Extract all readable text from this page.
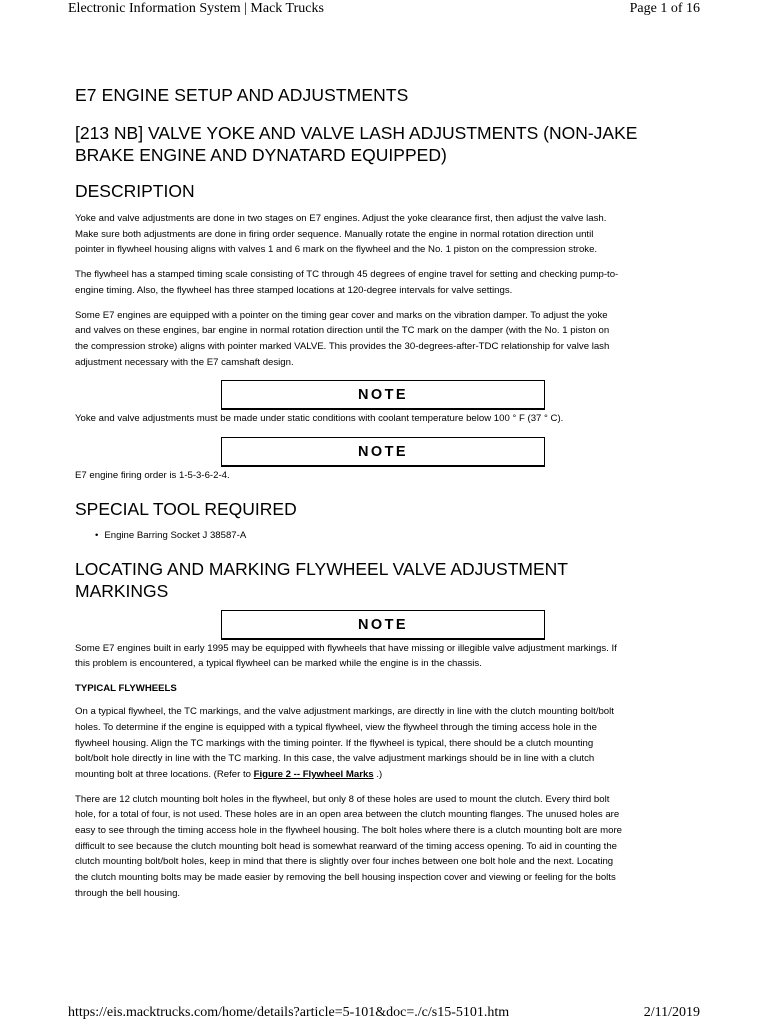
Electronic Information System | Mack Trucks	Page 1 of 16
E7 ENGINE SETUP AND ADJUSTMENTS
[213 NB] VALVE YOKE AND VALVE LASH ADJUSTMENTS (NON-JAKE
BRAKE ENGINE AND DYNATARD EQUIPPED)
DESCRIPTION

Yoke and valve adjustments are done in two stages on E7 engines. Adjust the yoke clearance first, then adjust the valve lash.
Make sure both adjustments are done in firing order sequence. Manually rotate the engine in normal rotation direction until
pointer in flywheel housing aligns with valves 1 and 6 mark on the flywheel and the No. 1 piston on the compression stroke.

The flywheel has a stamped timing scale consisting of TC through 45 degrees of engine travel for setting and checking pump-to-
engine timing. Also, the flywheel has three stamped locations at 120-degree intervals for valve settings.

Some E7 engines are equipped with a pointer on the timing gear cover and marks on the vibration damper. To adjust the yoke
and valves on these engines, bar engine in normal rotation direction until the TC mark on the damper (with the No. 1 piston on
the compression stroke) aligns with pointer marked VALVE. This provides the 30-degrees-after-TDC relationship for valve lash
adjustment necessary with the E7 camshaft design.

NOTE

Yoke and valve adjustments must be made under static conditions with coolant temperature below 100 ° F (37 ° C).

NOTE

E7 engine firing order is 1-5-3-6-2-4.

SPECIAL TOOL REQUIRED
• Engine Barring Socket J 38587-A
LOCATING AND MARKING FLYWHEEL VALVE ADJUSTMENT
MARKINGS
NOTE

Some E7 engines built in early 1995 may be equipped with flywheels that have missing or illegible valve adjustment markings. If
this problem is encountered, a typical flywheel can be marked while the engine is in the chassis.

TYPICAL FLYWHEELS

On a typical flywheel, the TC markings, and the valve adjustment markings, are directly in line with the clutch mounting bolt/bolt
holes. To determine if the engine is equipped with a typical flywheel, view the flywheel through the timing access hole in the
flywheel housing. Align the TC markings with the timing pointer. If the flywheel is typical, there should be a clutch mounting
bolt/bolt hole directly in line with the TC marking. In this case, the valve adjustment markings should be in line with a clutch
mounting bolt at three locations. (Refer to Figure 2 -- Flywheel Marks .)

There are 12 clutch mounting bolt holes in the flywheel, but only 8 of these holes are used to mount the clutch. Every third bolt
hole, for a total of four, is not used. These holes are in an open area between the clutch mounting flanges. The unused holes are
easy to see through the timing access hole in the flywheel housing. The bolt holes where there is a clutch mounting bolt are more
difficult to see because the clutch mounting bolt head is somewhat rearward of the timing access opening. To aid in counting the
clutch mounting bolt/bolt holes, keep in mind that there is slightly over four inches between one bolt hole and the next. Locating
the clutch mounting bolts may be made easier by removing the bell housing inspection cover and viewing or feeling for the bolts
through the bell housing.

https://eis.macktrucks.com/home/details?article=5-101&doc=./c/s15-5101.htm	2/11/2019
